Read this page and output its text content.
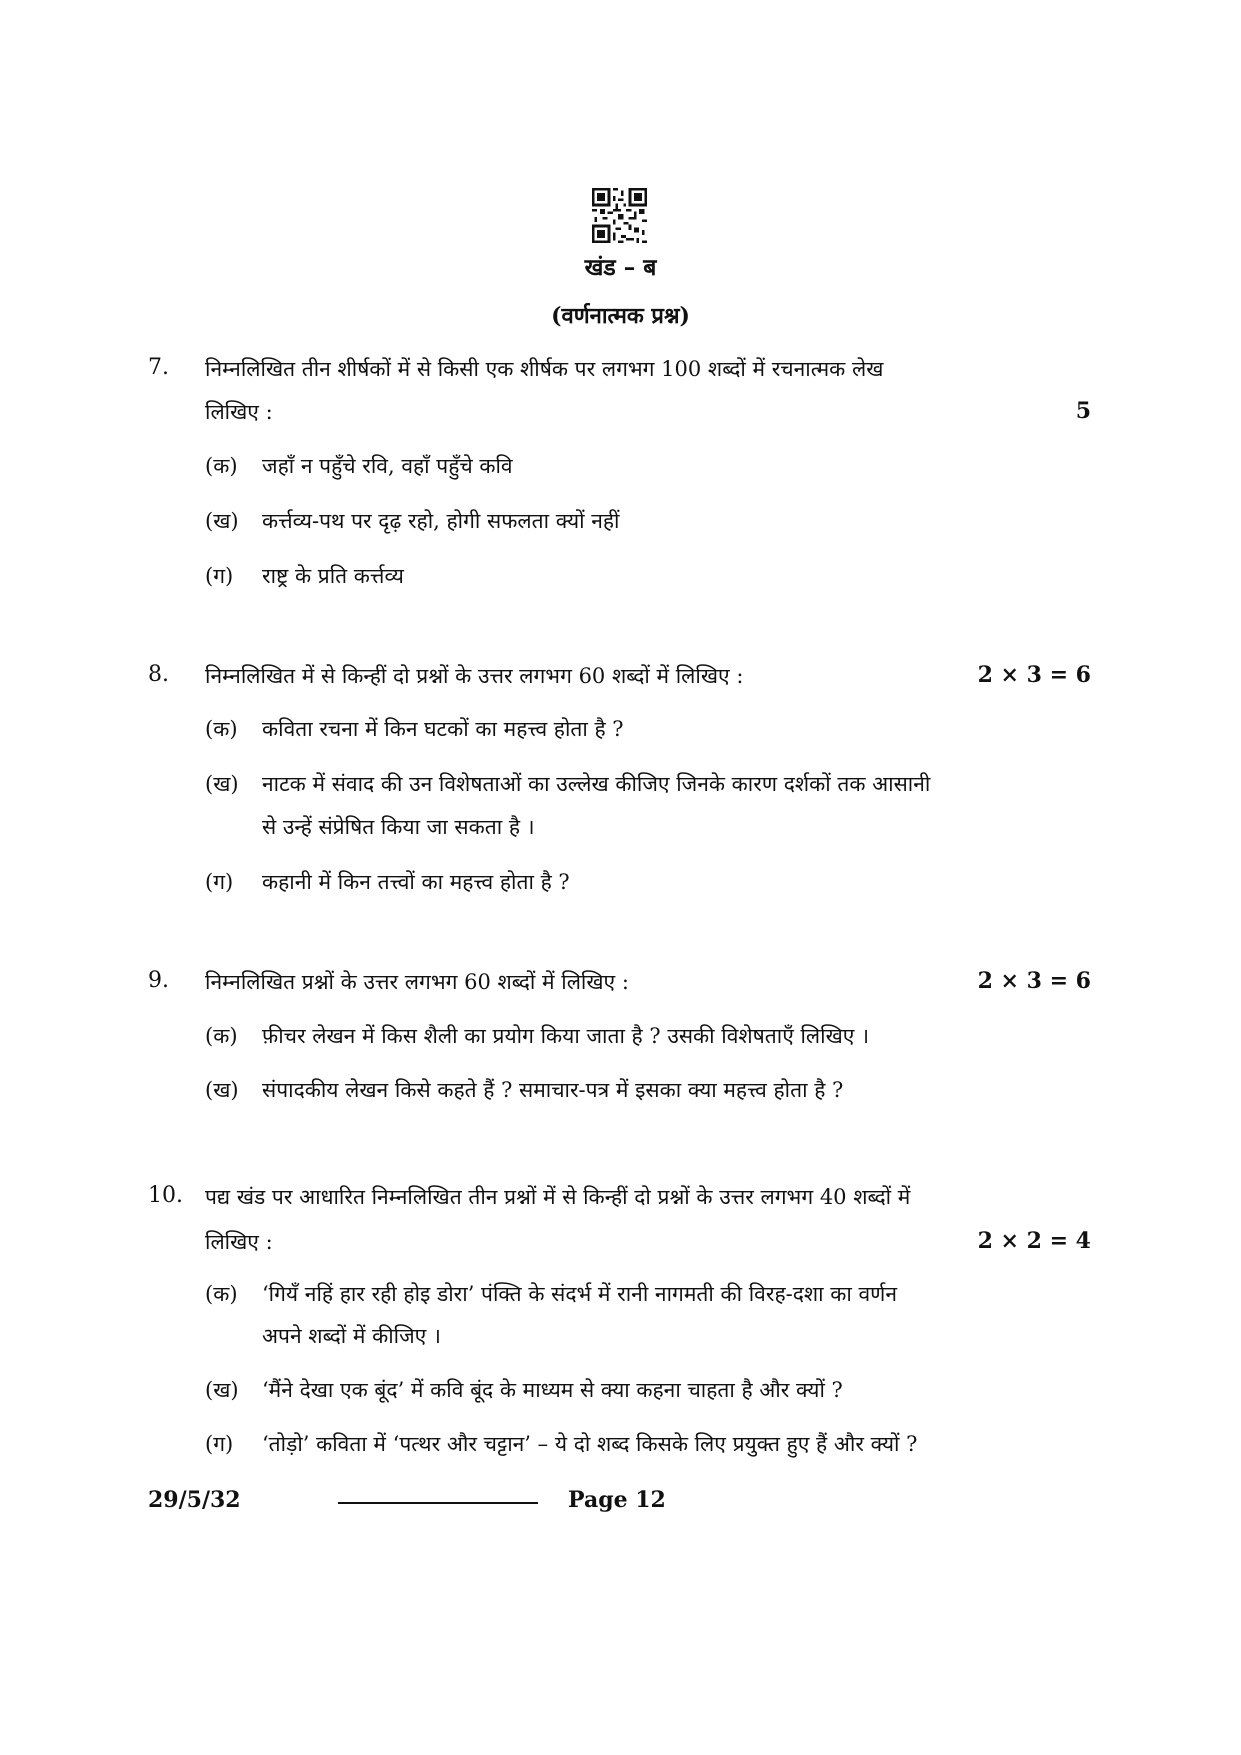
खंड – ब
(वर्णनात्मक प्रश्न)
7. निम्नलिखित तीन शीर्षकों में से किसी एक शीर्षक पर लगभग 100 शब्दों में रचनात्मक लेख
लिखिए :	5
(क) जहाँ न पहुँचे रवि, वहाँ पहुँचे कवि
(ख) कर्त्तव्य-पथ पर दृढ़ रहो, होगी सफलता क्यों नहीं
(ग) राष्ट्र के प्रति कर्त्तव्य
8. निम्नलिखित में से किन्हीं दो प्रश्नों के उत्तर लगभग 60 शब्दों में लिखिए :	2 × 3 = 6
(क) कविता रचना में किन घटकों का महत्त्व होता है ?
(ख) नाटक में संवाद की उन विशेषताओं का उल्लेख कीजिए जिनके कारण दर्शकों तक आसानी
से उन्हें संप्रेषित किया जा सकता है ।
(ग) कहानी में किन तत्त्वों का महत्त्व होता है ?
9. निम्नलिखित प्रश्नों के उत्तर लगभग 60 शब्दों में लिखिए :	2 × 3 = 6
(क) फ़ीचर लेखन में किस शैली का प्रयोग किया जाता है ? उसकी विशेषताएँ लिखिए ।
(ख) संपादकीय लेखन किसे कहते हैं ? समाचार-पत्र में इसका क्या महत्त्व होता है ?
10. पद्य खंड पर आधारित निम्नलिखित तीन प्रश्नों में से किन्हीं दो प्रश्नों के उत्तर लगभग 40 शब्दों में
लिखिए :	2 × 2 = 4
(क) ‘गियँ नहिं हार रही होइ डोरा’ पंक्ति के संदर्भ में रानी नागमती की विरह-दशा का वर्णन
अपने शब्दों में कीजिए ।
(ख) ‘मैंने देखा एक बूंद’ में कवि बूंद के माध्यम से क्या कहना चाहता है और क्यों ?
(ग) ‘तोड़ो’ कविता में ‘पत्थर और चट्टान’ – ये दो शब्द किसके लिए प्रयुक्त हुए हैं और क्यों ?
29/5/32	Page 12
